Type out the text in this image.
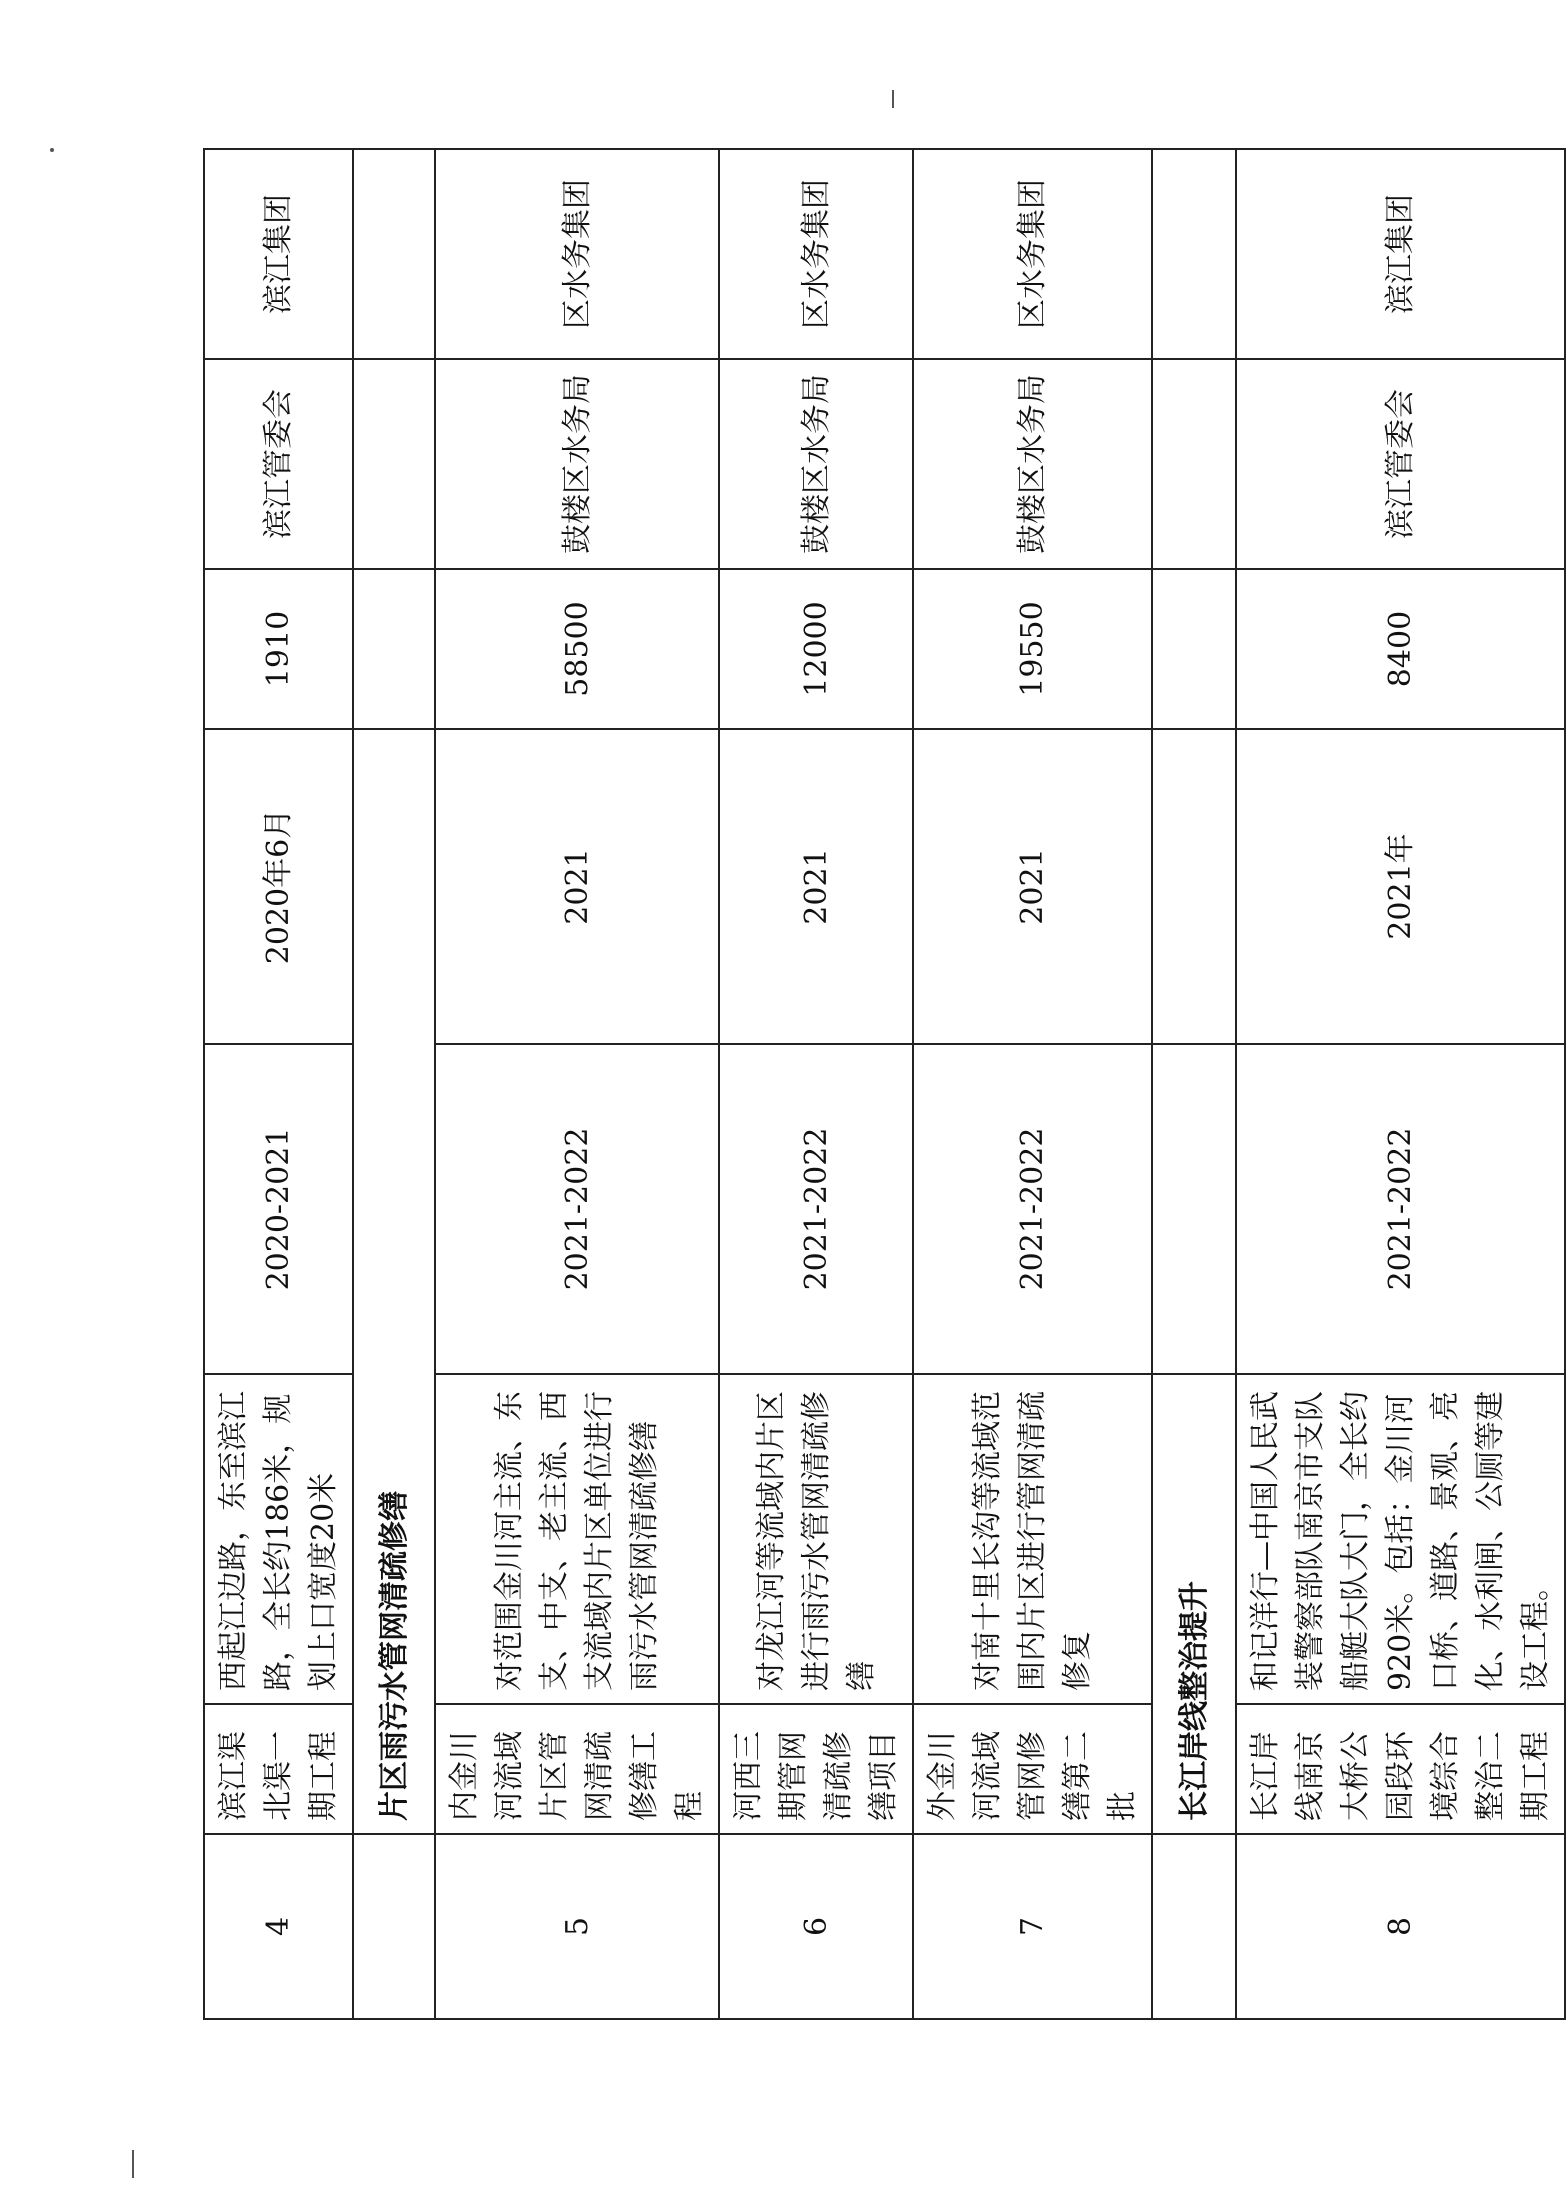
4	滨江渠北渠一期工程	西起江边路，东至滨江路，全长约186米，规划上口宽度20米	2020-2021	2020年6月	1910	滨江管委会	滨江集团
	片区雨污水管网清疏修缮						
5	内金川河流域片区管网清疏修缮工程	对范围金川河主流、东支、中支、老主流、西支流域内片区单位进行雨污水管网清疏修缮	2021-2022	2021	58500	鼓楼区水务局	区水务集团
6	河西三期管网清疏修缮项目	对龙江河等流域内片区进行雨污水管网清疏修缮	2021-2022	2021	12000	鼓楼区水务局	区水务集团
7	外金川河流域管网修缮第二批	对南十里长沟等流域范围内片区进行管网清疏修复	2021-2022	2021	19550	鼓楼区水务局	区水务集团
	长江岸线整治提升						
8	长江岸线南京大桥公园段环境综合整治二期工程	和记洋行—中国人民武装警察部队南京市支队船艇大队大门，全长约920米。包括：金川河口桥、道路、景观、亮化、水利闸、公厕等建设工程。	2021-2022	2021年	8400	滨江管委会	滨江集团
